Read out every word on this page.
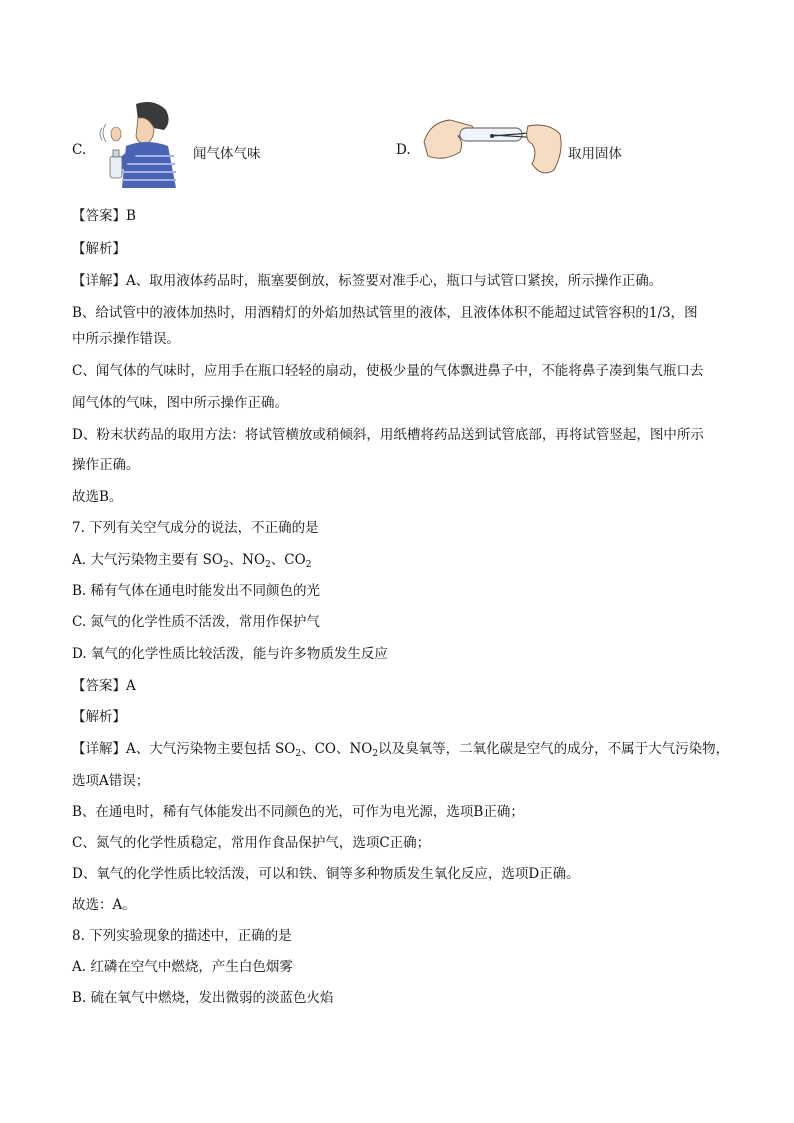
C.	闻气体气味	D.	取用固体
【答案】B
【解析】
【详解】A、取用液体药品时，瓶塞要倒放，标签要对准手心，瓶口与试管口紧挨，所示操作正确。
B、给试管中的液体加热时，用酒精灯的外焰加热试管里的液体，且液体体积不能超过试管容积的1/3，图
中所示操作错误。
C、闻气体的气味时，应用手在瓶口轻轻的扇动，使极少量的气体飘进鼻子中，不能将鼻子凑到集气瓶口去
闻气体的气味，图中所示操作正确。
D、粉末状药品的取用方法：将试管横放或稍倾斜，用纸槽将药品送到试管底部，再将试管竖起，图中所示
操作正确。
故选B。
7. 下列有关空气成分的说法，不正确的是
A. 大气污染物主要有 $SO_2$、$NO_2$、$CO_2$
B. 稀有气体在通电时能发出不同颜色的光
C. 氮气的化学性质不活泼，常用作保护气
D. 氧气的化学性质比较活泼，能与许多物质发生反应
【答案】A
【解析】
【详解】A、大气污染物主要包括 $SO_2$、CO、$NO_2$以及臭氧等，二氧化碳是空气的成分，不属于大气污染物，
选项A错误；
B、在通电时，稀有气体能发出不同颜色的光，可作为电光源，选项B正确；
C、氮气的化学性质稳定，常用作食品保护气，选项C正确；
D、氧气的化学性质比较活泼，可以和铁、铜等多种物质发生氧化反应，选项D正确。
故选：A。
8. 下列实验现象的描述中，正确的是
A. 红磷在空气中燃烧，产生白色烟雾
B. 硫在氧气中燃烧，发出微弱的淡蓝色火焰
